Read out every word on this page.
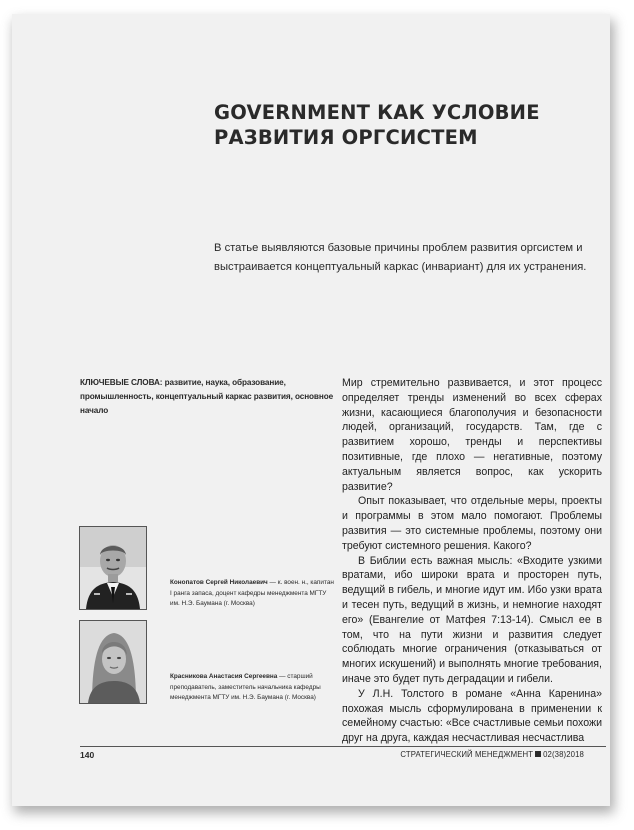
GOVERNMENT КАК УСЛОВИЕ РАЗВИТИЯ ОРГСИСТЕМ

В статье выявляются базовые причины проблем развития оргсистем и выстраивается концептуальный каркас (инвариант) для их устранения.

КЛЮЧЕВЫЕ СЛОВА: развитие, наука, образование, промышленность, концептуальный каркас развития, основное начало

Мир стремительно развивается, и этот процесс определяет тренды изменений во всех сферах жизни, касающиеся благополучия и безопасности людей, организаций, государств. Там, где с развитием хорошо, тренды и перспективы позитивные, где плохо — негативные, поэтому актуальным является вопрос, как ускорить развитие?

Опыт показывает, что отдельные меры, проекты и программы в этом мало помогают. Проблемы развития — это системные проблемы, поэтому они требуют системного решения. Какого?

В Библии есть важная мысль: «Входите узкими вратами, ибо широки врата и просторен путь, ведущий в гибель, и многие идут им. Ибо узки врата и тесен путь, ведущий в жизнь, и немногие находят его» (Евангелие от Матфея 7:13-14). Смысл ее в том, что на пути жизни и развития следует соблюдать многие ограничения (отказываться от многих искушений) и выполнять многие требования, иначе это будет путь деградации и гибели.

У Л.Н. Толстого в романе «Анна Каренина» похожая мысль сформулирована в применении к семейному счастью: «Все счастливые семьи похожи друг на друга, каждая несчастливая несчастлива

Конопатов Сергей Николаевич — к. воен. н., капитан I ранга запаса, доцент кафедры менеджмента МГТУ им. Н.Э. Баумана (г. Москва)
Красникова Анастасия Сергеевна — старший преподаватель, заместитель начальника кафедры менеджмента МГТУ им. Н.Э. Баумана (г. Москва)
140	СТРАТЕГИЧЕСКИЙ МЕНЕДЖМЕНТ 02(38)2018
